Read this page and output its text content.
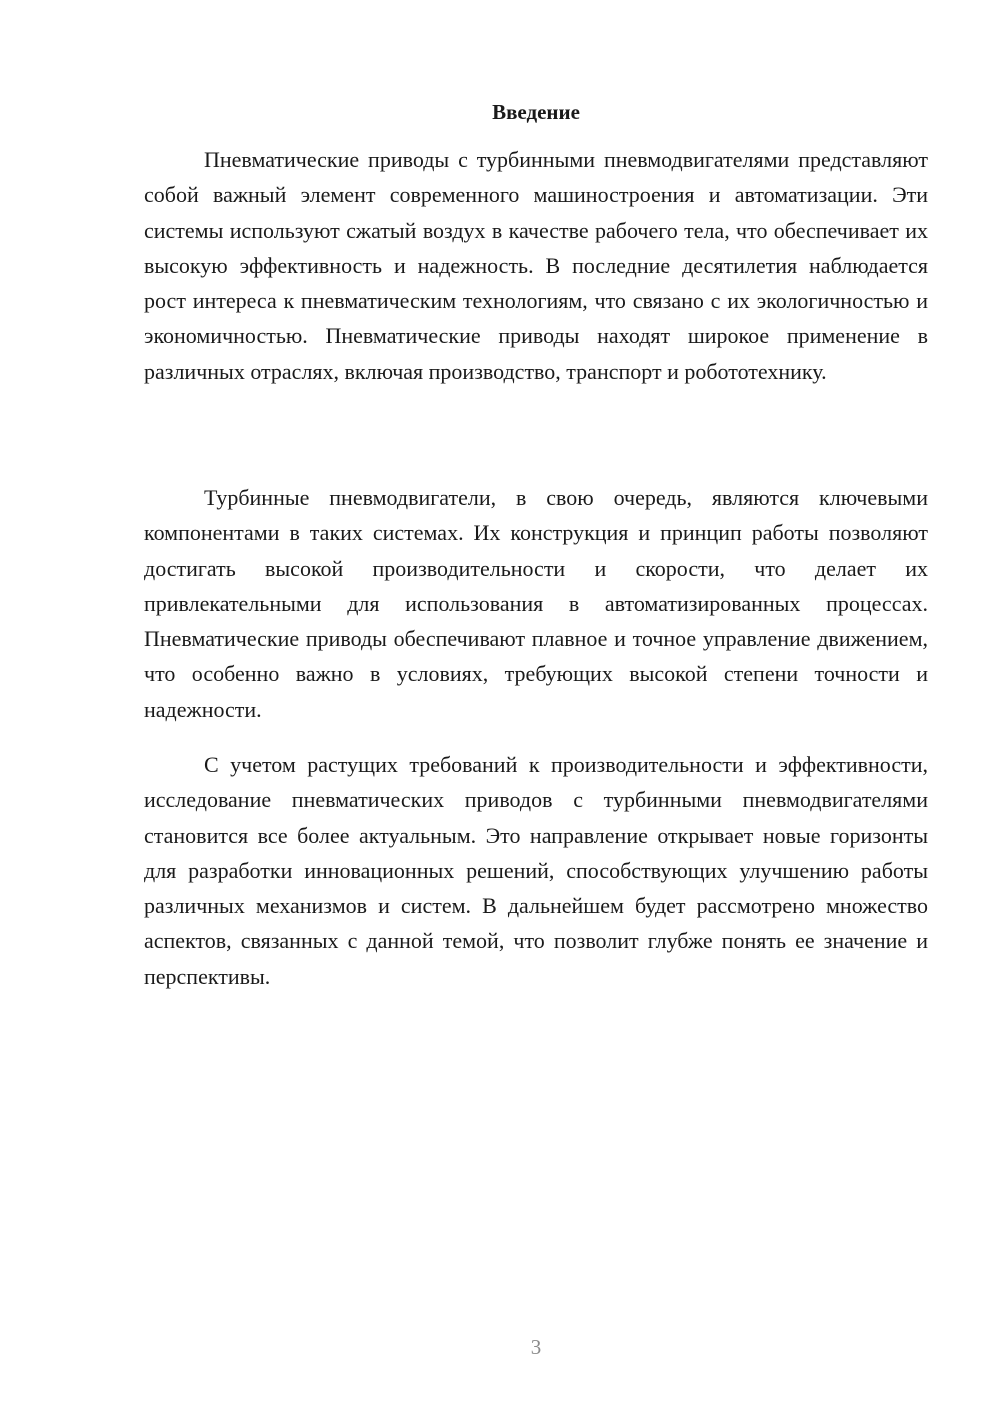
Введение

Пневматические приводы с турбинными пневмодвигателями представляют собой важный элемент современного машиностроения и автоматизации. Эти системы используют сжатый воздух в качестве рабочего тела, что обеспечивает их высокую эффективность и надежность. В последние десятилетия наблюдается рост интереса к пневматическим технологиям, что связано с их экологичностью и экономичностью. Пневматические приводы находят широкое применение в различных отраслях, включая производство, транспорт и робототехнику.

Турбинные пневмодвигатели, в свою очередь, являются ключевыми компонентами в таких системах. Их конструкция и принцип работы позволяют достигать высокой производительности и скорости, что делает их привлекательными для использования в автоматизированных процессах. Пневматические приводы обеспечивают плавное и точное управление движением, что особенно важно в условиях, требующих высокой степени точности и надежности.

С учетом растущих требований к производительности и эффективности, исследование пневматических приводов с турбинными пневмодвигателями становится все более актуальным. Это направление открывает новые горизонты для разработки инновационных решений, способствующих улучшению работы различных механизмов и систем. В дальнейшем будет рассмотрено множество аспектов, связанных с данной темой, что позволит глубже понять ее значение и перспективы.

3
